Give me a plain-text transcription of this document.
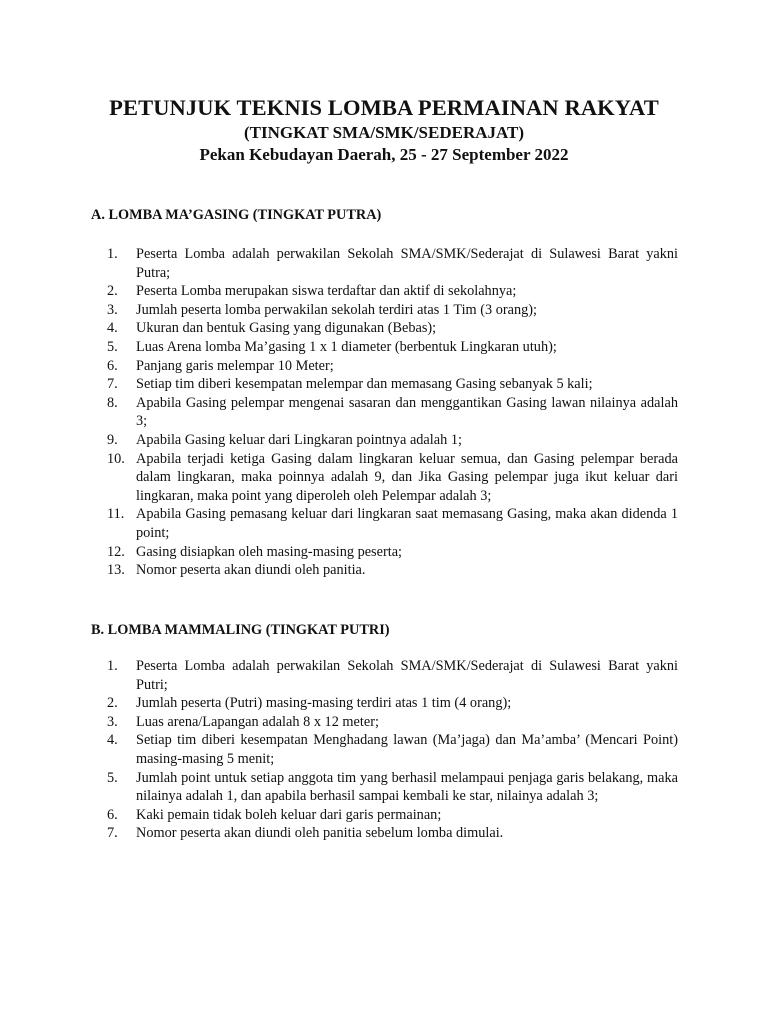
PETUNJUK TEKNIS LOMBA PERMAINAN RAKYAT

(TINGKAT SMA/SMK/SEDERAJAT)

Pekan Kebudayan Daerah, 25 - 27 September 2022

A. LOMBA MA’GASING (TINGKAT PUTRA)

1.	Peserta Lomba adalah perwakilan Sekolah SMA/SMK/Sederajat di Sulawesi Barat yakni Putra;
2.	Peserta Lomba merupakan siswa terdaftar dan aktif di sekolahnya;
3.	Jumlah peserta lomba perwakilan sekolah terdiri atas 1 Tim (3 orang);
4.	Ukuran dan bentuk Gasing yang digunakan (Bebas);
5.	Luas Arena lomba Ma’gasing 1 x 1 diameter (berbentuk Lingkaran utuh);
6.	Panjang garis melempar 10 Meter;
7.	Setiap tim diberi kesempatan melempar dan memasang Gasing sebanyak 5 kali;
8.	Apabila Gasing pelempar mengenai sasaran dan menggantikan Gasing lawan nilainya adalah 3;
9.	Apabila Gasing keluar dari Lingkaran pointnya adalah 1;
10. Apabila terjadi ketiga Gasing dalam lingkaran keluar semua, dan Gasing pelempar berada dalam lingkaran, maka poinnya adalah 9, dan Jika Gasing pelempar juga ikut keluar dari lingkaran, maka point yang diperoleh oleh Pelempar adalah 3;
11. Apabila Gasing pemasang keluar dari lingkaran saat memasang Gasing, maka akan didenda 1 point;
12. Gasing disiapkan oleh masing-masing peserta;
13. Nomor peserta akan diundi oleh panitia.

B. LOMBA MAMMALING (TINGKAT PUTRI)

1.	Peserta Lomba adalah perwakilan Sekolah SMA/SMK/Sederajat di Sulawesi Barat yakni Putri;
2.	Jumlah peserta (Putri) masing-masing terdiri atas 1 tim (4 orang);
3.	Luas arena/Lapangan adalah 8 x 12 meter;
4.	Setiap tim diberi kesempatan Menghadang lawan (Ma’jaga) dan Ma’amba’ (Mencari Point) masing-masing 5 menit;
5.	Jumlah point untuk setiap anggota tim yang berhasil melampaui penjaga garis belakang, maka nilainya adalah 1, dan apabila berhasil sampai kembali ke star, nilainya adalah 3;
6.	Kaki pemain tidak boleh keluar dari garis permainan;
7.	Nomor peserta akan diundi oleh panitia sebelum lomba dimulai.
